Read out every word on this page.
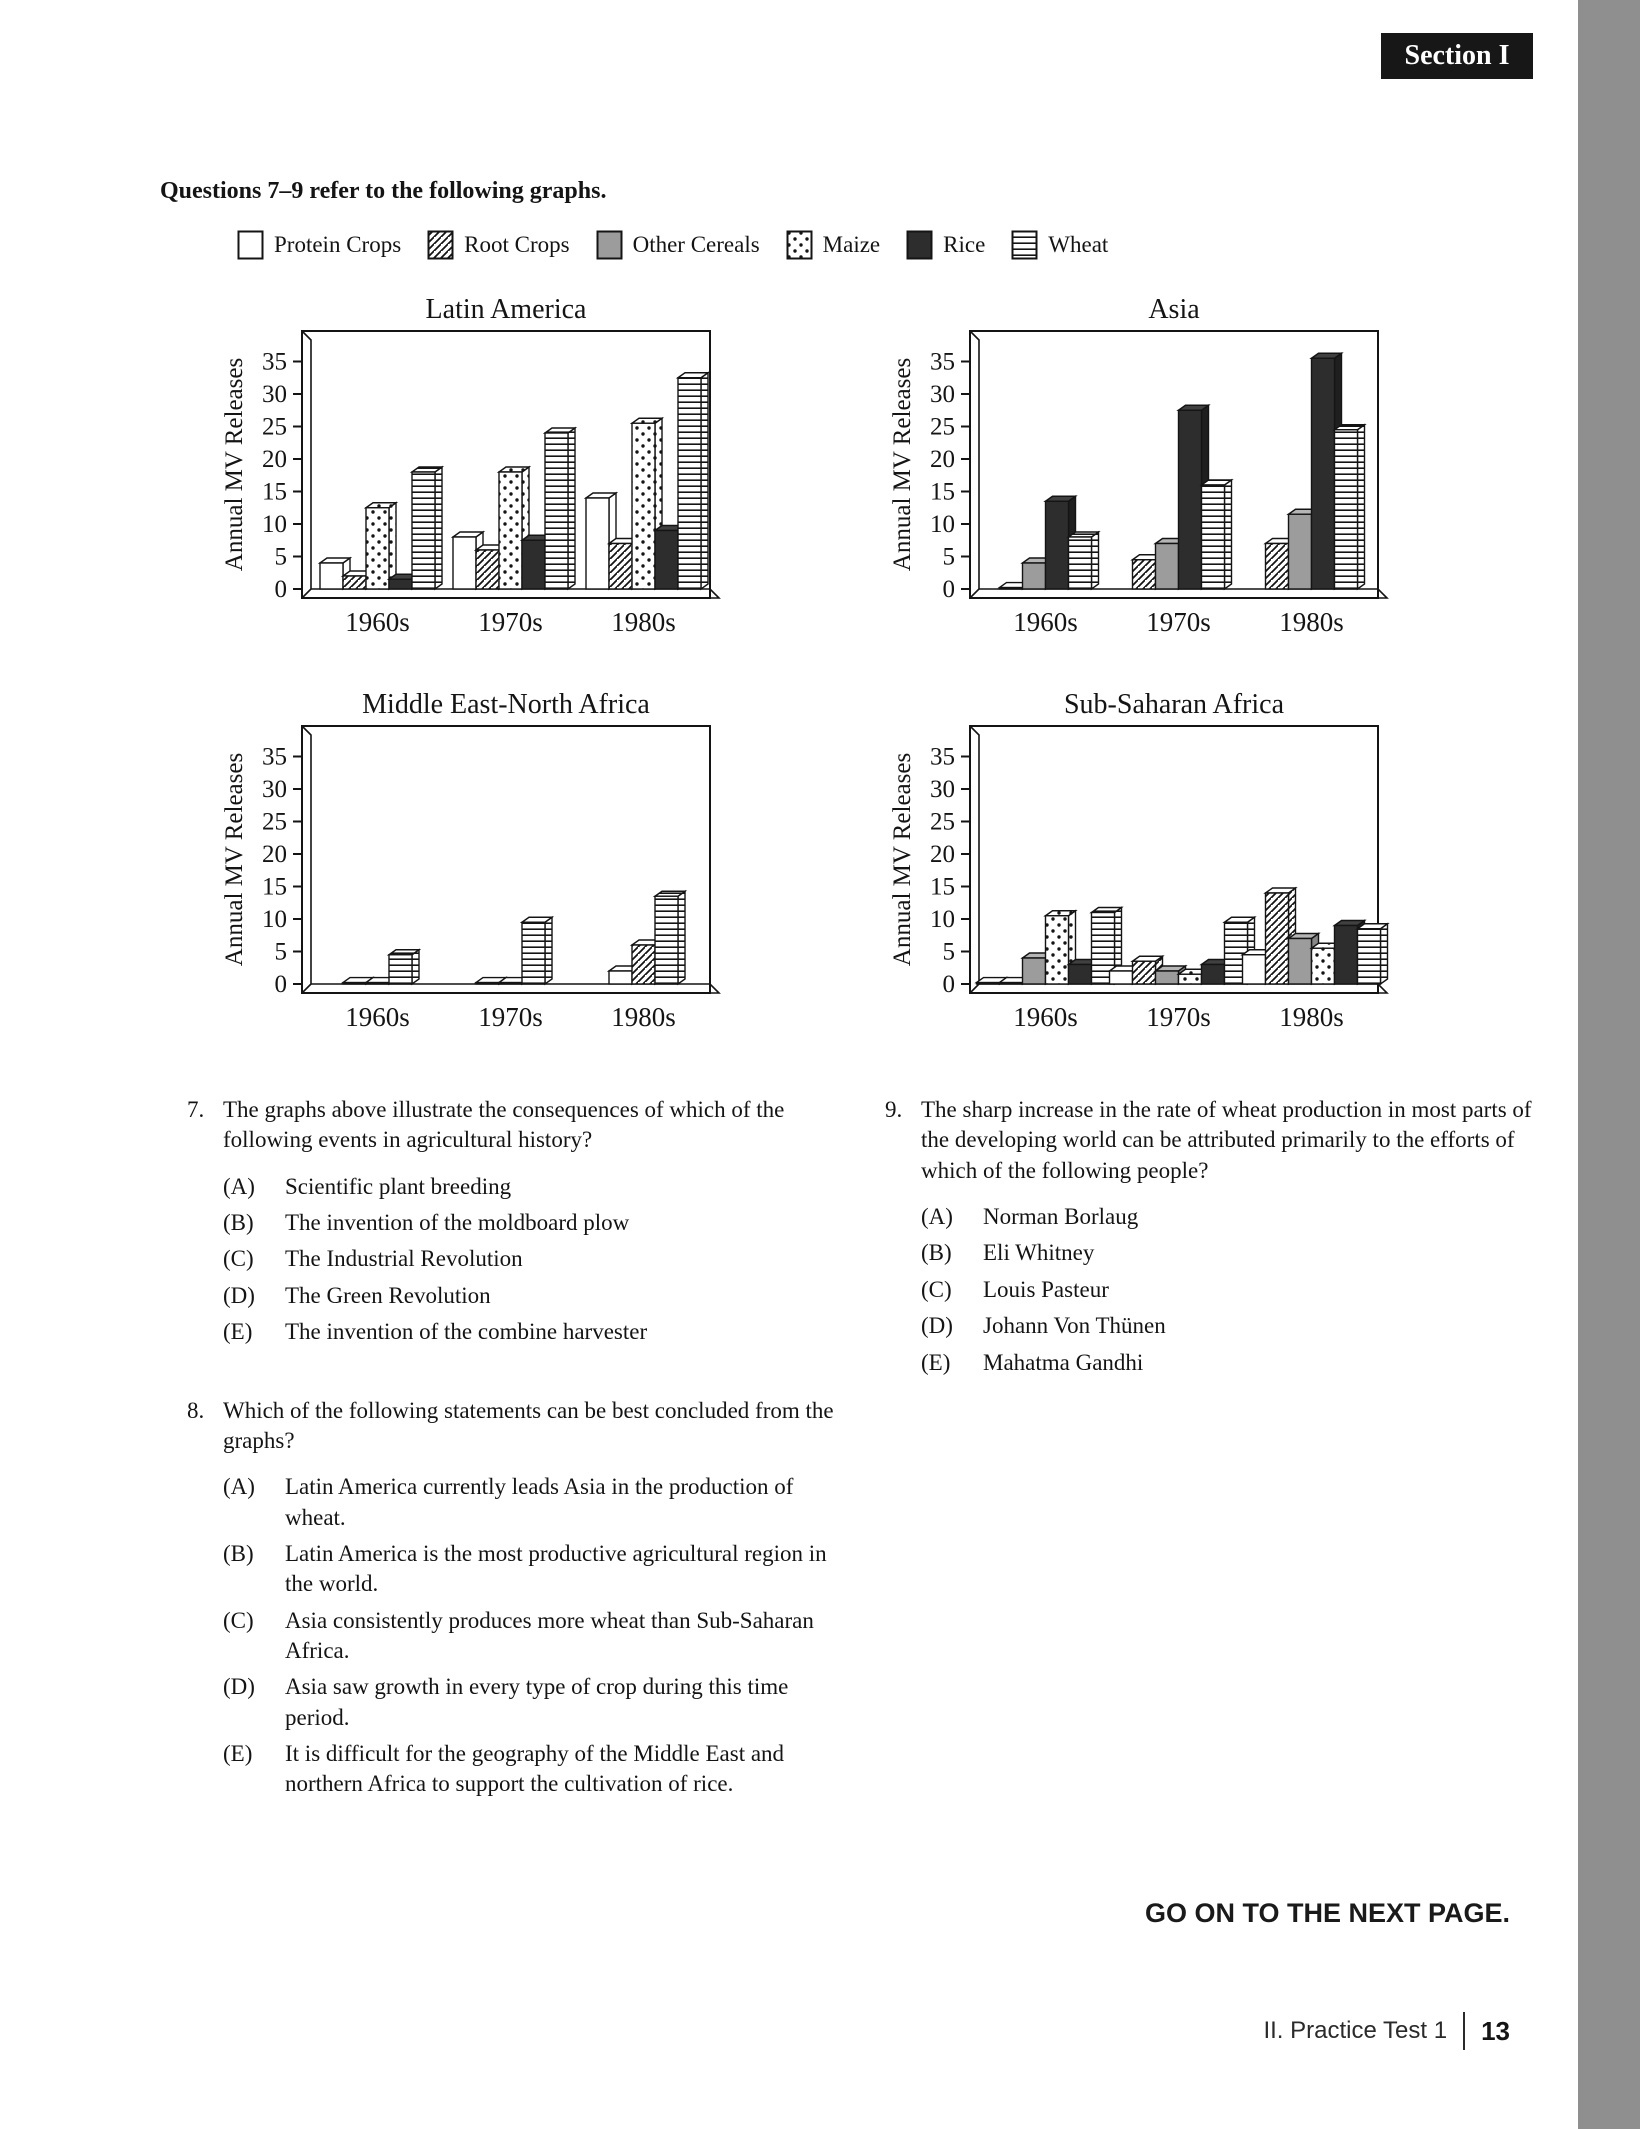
Section I
Questions 7–9 refer to the following graphs.
Protein Crops	Root Crops	Other Cereals	Maize	Rice	Wheat
0
5
10
15
20
25
30
35
1960s	1970s	1980s
Latin America
Annual MV Releases
0
5
10
15
20
25
30
35
1960s	1970s	1980s
Asia
Annual MV Releases
0
5
10
15
20
25
30
35
1960s	1970s	1980s
Middle East-North Africa
Annual MV Releases
0
5
10
15
20
25
30
35
1960s	1970s	1980s
Sub-Saharan Africa
Annual MV Releases
7. The graphs above illustrate the consequences of which of the following events in agricultural history?
(A)	Scientific plant breeding
(B)	The invention of the moldboard plow
(C)	The Industrial Revolution
(D)	The Green Revolution
(E)	The invention of the combine harvester
8. Which of the following statements can be best concluded from the graphs?
(A)	Latin America currently leads Asia in the production of wheat.
(B)	Latin America is the most productive agricultural region in the world.
(C)	Asia consistently produces more wheat than Sub-Saharan Africa.
(D)	Asia saw growth in every type of crop during this time period.
(E)	It is difficult for the geography of the Middle East and northern Africa to support the cultivation of rice.
9. The sharp increase in the rate of wheat production in most parts of the developing world can be attributed primarily to the efforts of which of the following people?
(A)	Norman Borlaug
(B)	Eli Whitney
(C)	Louis Pasteur
(D)	Johann Von Thünen
(E)	Mahatma Gandhi
GO ON TO THE NEXT PAGE.
II. Practice Test 1 13
